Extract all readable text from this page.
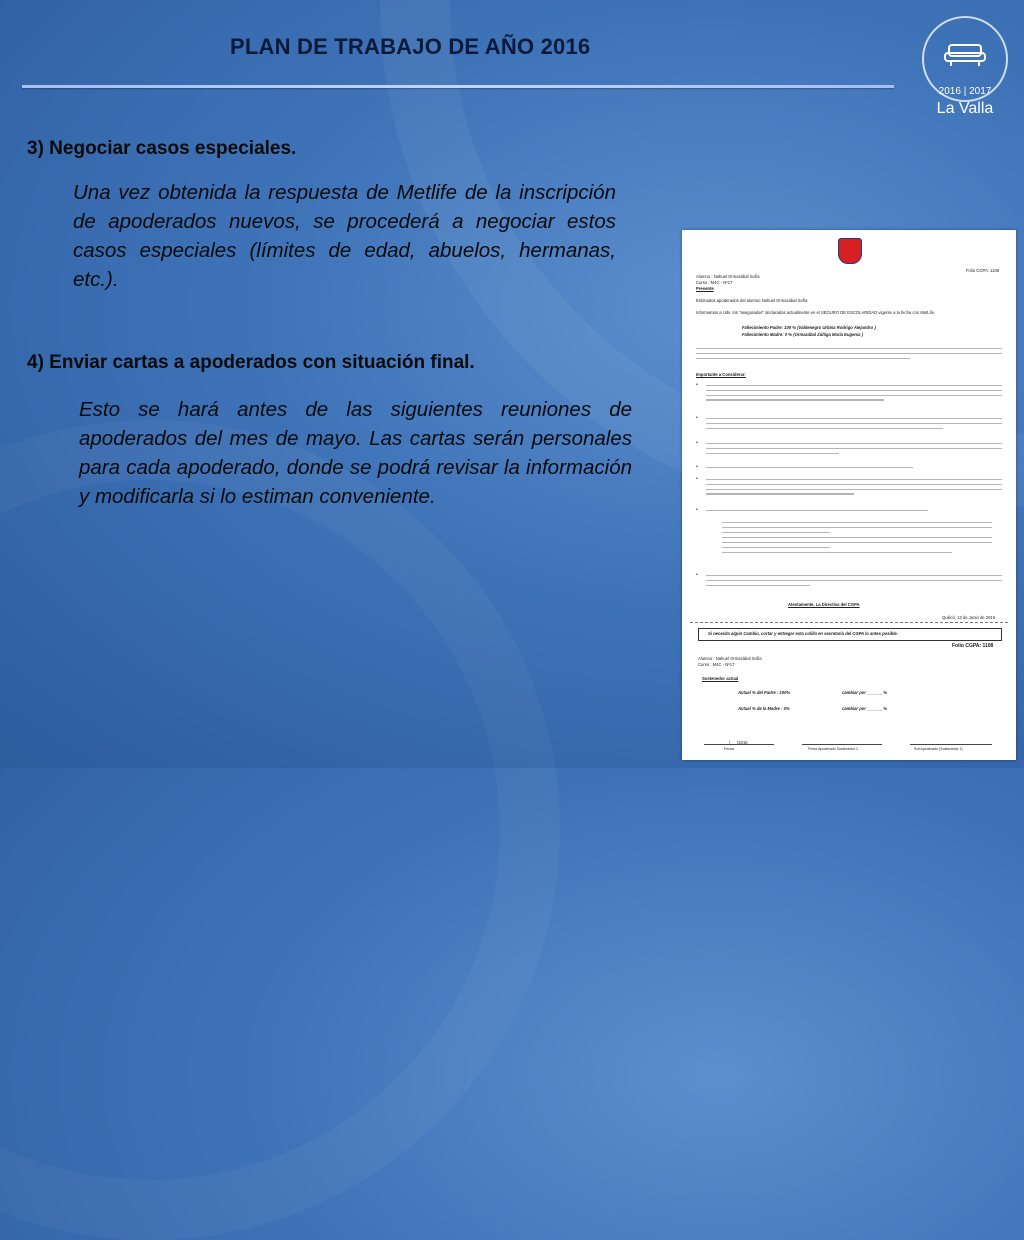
PLAN DE TRABAJO DE AÑO 2016
2016 | 2017
La Valla
3) Negociar casos especiales.
Una vez obtenida la respuesta de Metlife de la inscripción de apoderados nuevos, se procederá a negociar estos casos especiales (límites de edad, abuelos, hermanas, etc.).
4) Enviar cartas a apoderados con situación final.
Esto se hará antes de las siguientes reuniones de apoderados del mes de mayo. Las cartas serán personales para cada apoderado, donde se podrá revisar la información y modificarla si lo estiman conveniente.
Folio CGPA: 1108
Alumno : Nahuel Ormazábal Sofía
Curso : M4C - Nº17
Presente
Estimados apoderados del alumno Nahuel Ormazábal Sofía
Informamos a Uds. los "asegurados" declarados actualmente en el SEGURO DE ESCOLARIDAD vigente a la fecha con MetLife.
Fallecimiento Padre: 100 % (Valdenegro Urbina Rodrigo Alejandro )
Fallecimiento Madre: 0 % (Ormazábal Zúñiga María Eugenia )
Importante a Considerar:
•
•
•
•
•
•
•
Atentamente, La Directiva del CGPA
Quilicó, 13 de Junio de 2016
Si necesita algún Cambio, cortar y entregar esta colilla en secretaría del CGPA lo antes posible.
Folio CGPA: 1108
Alumno : Nahuel Ormazábal Sofía
Curso : M4C - Nº17
Sostenedor actual
Actual % del Padre : 100%	cambiar por _______%
Actual % de la Madre : 0%	cambiar por _______%
___/___/2016
Fecha	Firma Apoderado Sostenedor 1	Rut Apoderado (Sostenedor 1)
